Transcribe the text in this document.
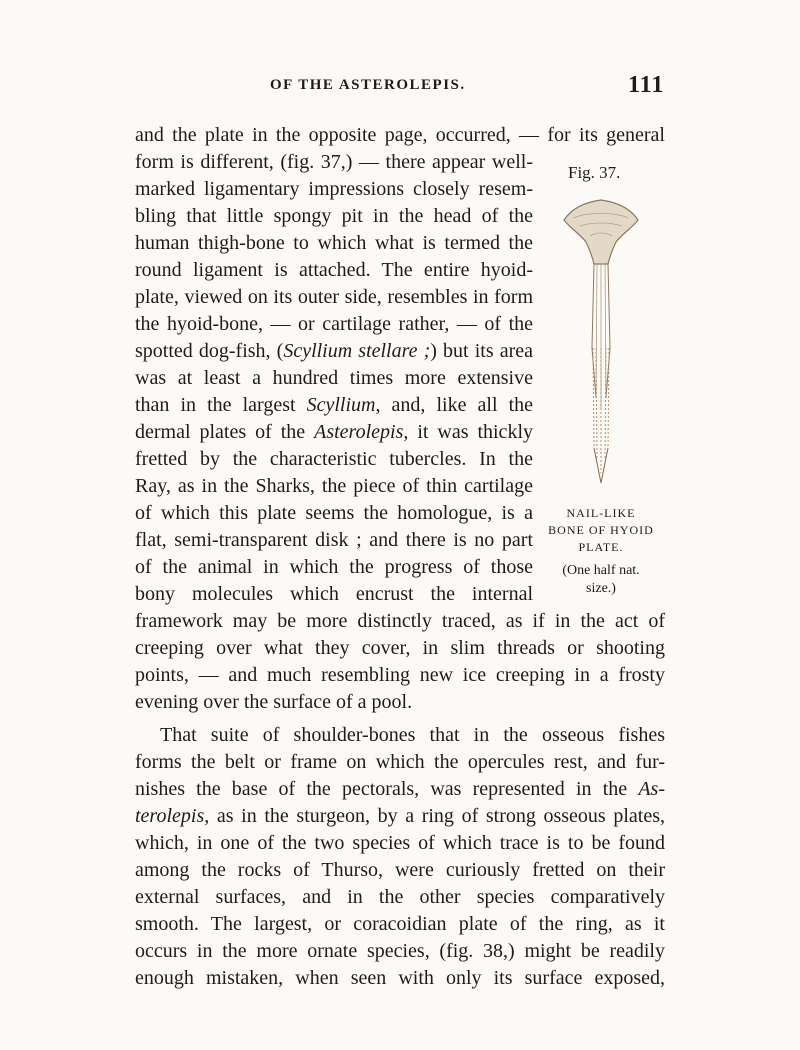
OF THE ASTEROLEPIS.	111
and the plate in the opposite page, occurred, — for its general
form is different, (fig. 37,) — there appear well-
marked ligamentary impressions closely resem-
bling that little spongy pit in the head of the
human thigh-bone to which what is termed the
round ligament is attached. The entire hyoid-
plate, viewed on its outer side, resembles in form
the hyoid-bone, — or cartilage rather, — of the
spotted dog-fish, (Scyllium stellare ;) but its area
was at least a hundred times more extensive
than in the largest Scyllium, and, like all the
dermal plates of the Asterolepis, it was thickly
fretted by the characteristic tubercles. In the
Ray, as in the Sharks, the piece of thin cartilage
of which this plate seems the homologue, is a
flat, semi-transparent disk ; and there is no part
of the animal in which the progress of those
bony molecules which encrust the internal
framework may be more distinctly traced, as if in the act of
creeping over what they cover, in slim threads or shooting
points, — and much resembling new ice creeping in a frosty
evening over the surface of a pool.
That suite of shoulder-bones that in the osseous fishes
forms the belt or frame on which the opercules rest, and fur-
nishes the base of the pectorals, was represented in the As-
terolepis, as in the sturgeon, by a ring of strong osseous plates,
which, in one of the two species of which trace is to be found
among the rocks of Thurso, were curiously fretted on their
external surfaces, and in the other species comparatively
smooth. The largest, or coracoidian plate of the ring, as it
occurs in the more ornate species, (fig. 38,) might be readily
enough mistaken, when seen with only its surface exposed,
Fig. 37.
NAIL-LIKE
BONE OF HYOID
PLATE.
(One half nat.
size.)
